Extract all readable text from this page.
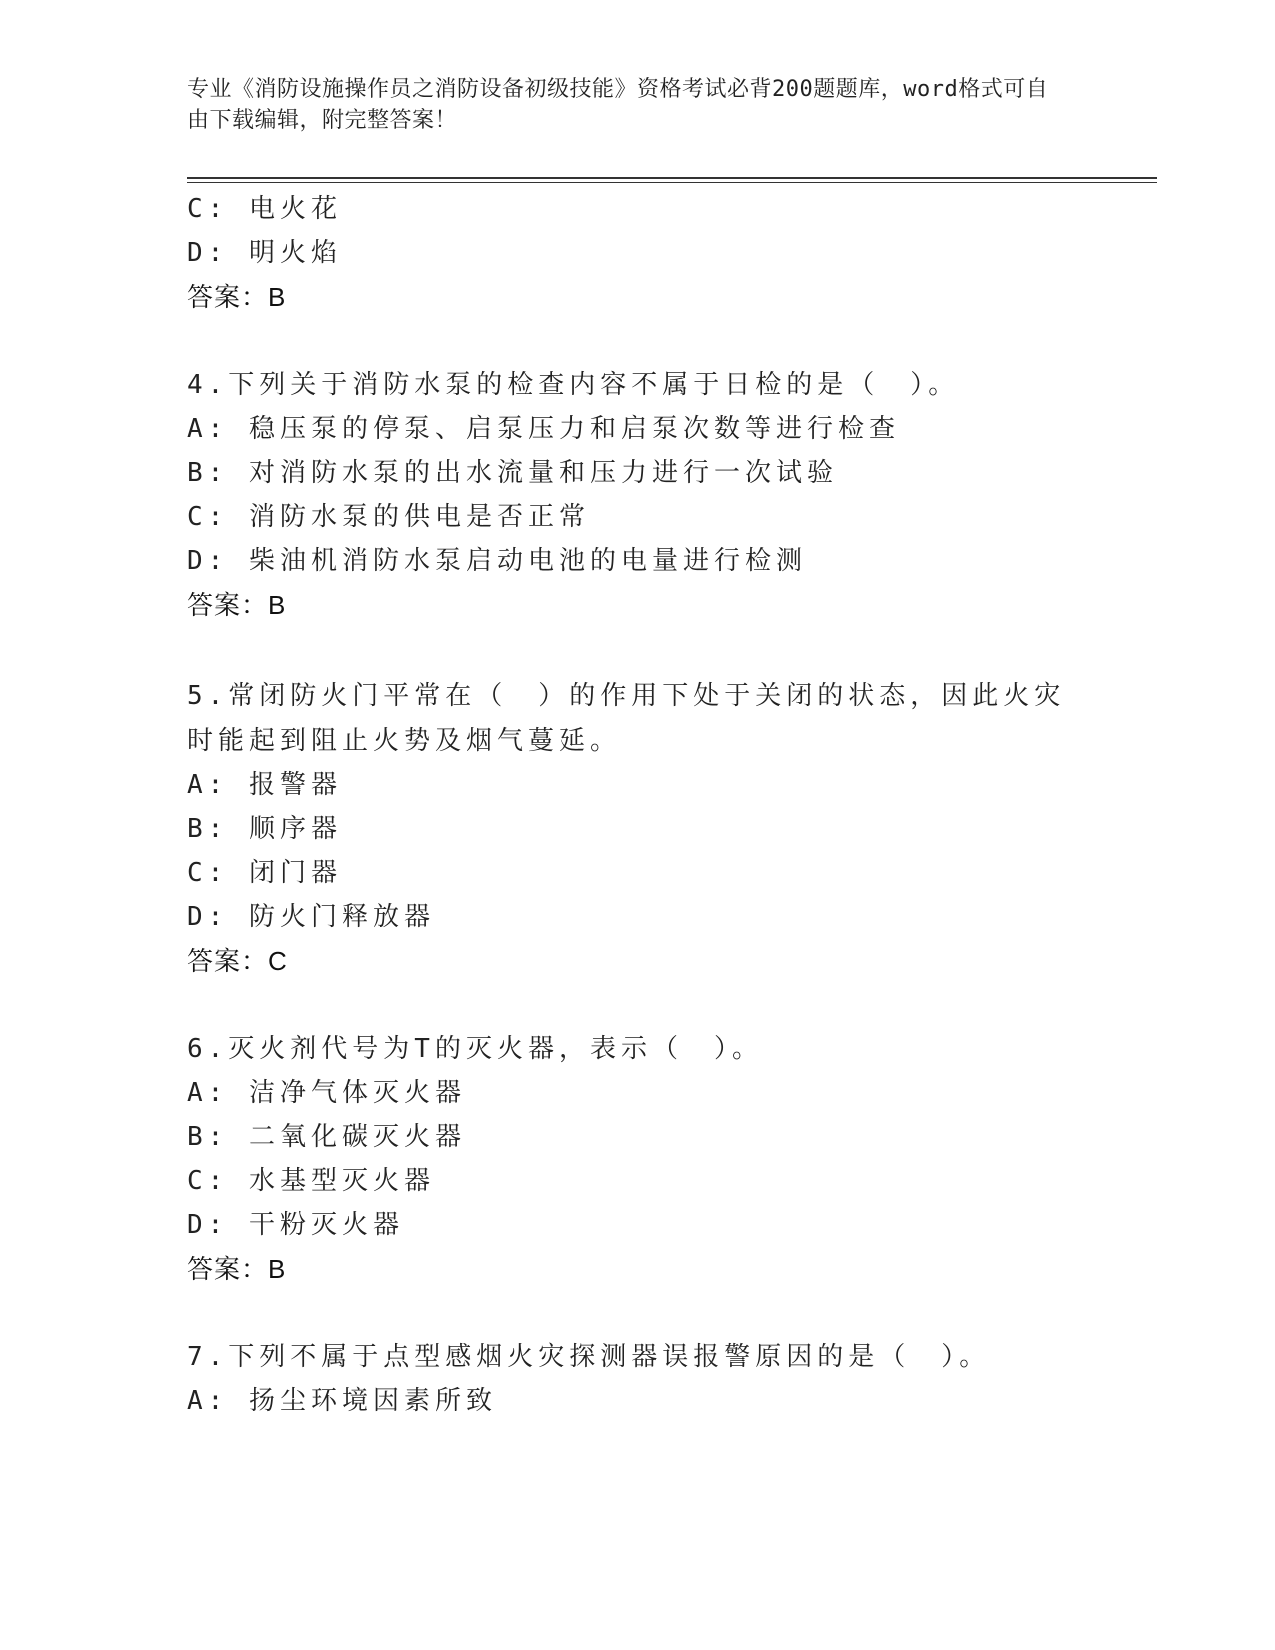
专业《消防设施操作员之消防设备初级技能》资格考试必背200题题库，word格式可自由下载编辑，附完整答案！
C: 电火花
D: 明火焰
答案：B
4.下列关于消防水泵的检查内容不属于日检的是（　）。
A: 稳压泵的停泵、启泵压力和启泵次数等进行检查
B: 对消防水泵的出水流量和压力进行一次试验
C: 消防水泵的供电是否正常
D: 柴油机消防水泵启动电池的电量进行检测
答案：B
5.常闭防火门平常在（　）的作用下处于关闭的状态，因此火灾时能起到阻止火势及烟气蔓延。
A: 报警器
B: 顺序器
C: 闭门器
D: 防火门释放器
答案：C
6.灭火剂代号为T的灭火器，表示（　）。
A: 洁净气体灭火器
B: 二氧化碳灭火器
C: 水基型灭火器
D: 干粉灭火器
答案：B
7.下列不属于点型感烟火灾探测器误报警原因的是（　）。
A: 扬尘环境因素所致
